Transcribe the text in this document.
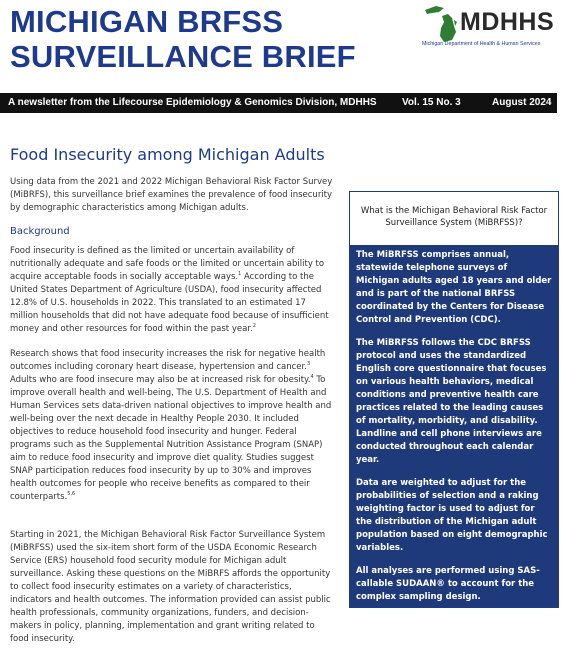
MICHIGAN BRFSS
SURVEILLANCE BRIEF
MDHHS
Michigan Department of Health & Human Services
A newsletter from the Lifecourse Epidemiology & Genomics Division, MDHHS	Vol. 15 No. 3	August 2024
Food Insecurity among Michigan Adults

Using data from the 2021 and 2022 Michigan Behavioral Risk Factor Survey (MiBRFS), this surveillance brief examines the prevalence of food insecurity by demographic characteristics among Michigan adults.

Background

Food insecurity is defined as the limited or uncertain availability of nutritionally adequate and safe foods or the limited or uncertain ability to acquire acceptable foods in socially acceptable ways.$^1$ According to the United States Department of Agriculture (USDA), food insecurity affected 12.8% of U.S. households in 2022. This translated to an estimated 17 million households that did not have adequate food because of insufficient money and other resources for food within the past year.$^2$

Research shows that food insecurity increases the risk for negative health outcomes including coronary heart disease, hypertension and cancer.$^3$ Adults who are food insecure may also be at increased risk for obesity.$^4$ To improve overall health and well-being, The U.S. Department of Health and Human Services sets data-driven national objectives to improve health and well-being over the next decade in Healthy People 2030. It included objectives to reduce household food insecurity and hunger. Federal programs such as the Supplemental Nutrition Assistance Program (SNAP) aim to reduce food insecurity and improve diet quality. Studies suggest SNAP participation reduces food insecurity by up to 30% and improves health outcomes for people who receive benefits as compared to their counterparts.$^{5,6}$

Starting in 2021, the Michigan Behavioral Risk Factor Surveillance System (MiBRFSS) used the six-item short form of the USDA Economic Research Service (ERS) household food security module for Michigan adult surveillance. Asking these questions on the MiBRFS affords the opportunity to collect food insecurity estimates on a variety of characteristics, indicators and health outcomes. The information provided can assist public health professionals, community organizations, funders, and decision-makers in policy, planning, implementation and grant writing related to food insecurity.

What is the Michigan Behavioral Risk Factor Surveillance System (MiBRFSS)?

The MiBRFSS comprises annual, statewide telephone surveys of Michigan adults aged 18 years and older and is part of the national BRFSS coordinated by the Centers for Disease Control and Prevention (CDC).

The MiBRFSS follows the CDC BRFSS protocol and uses the standardized English core questionnaire that focuses on various health behaviors, medical conditions and preventive health care practices related to the leading causes of mortality, morbidity, and disability. Landline and cell phone interviews are conducted throughout each calendar year.

Data are weighted to adjust for the probabilities of selection and a raking weighting factor is used to adjust for the distribution of the Michigan adult population based on eight demographic variables.

All analyses are performed using SAS-callable SUDAAN® to account for the complex sampling design.
